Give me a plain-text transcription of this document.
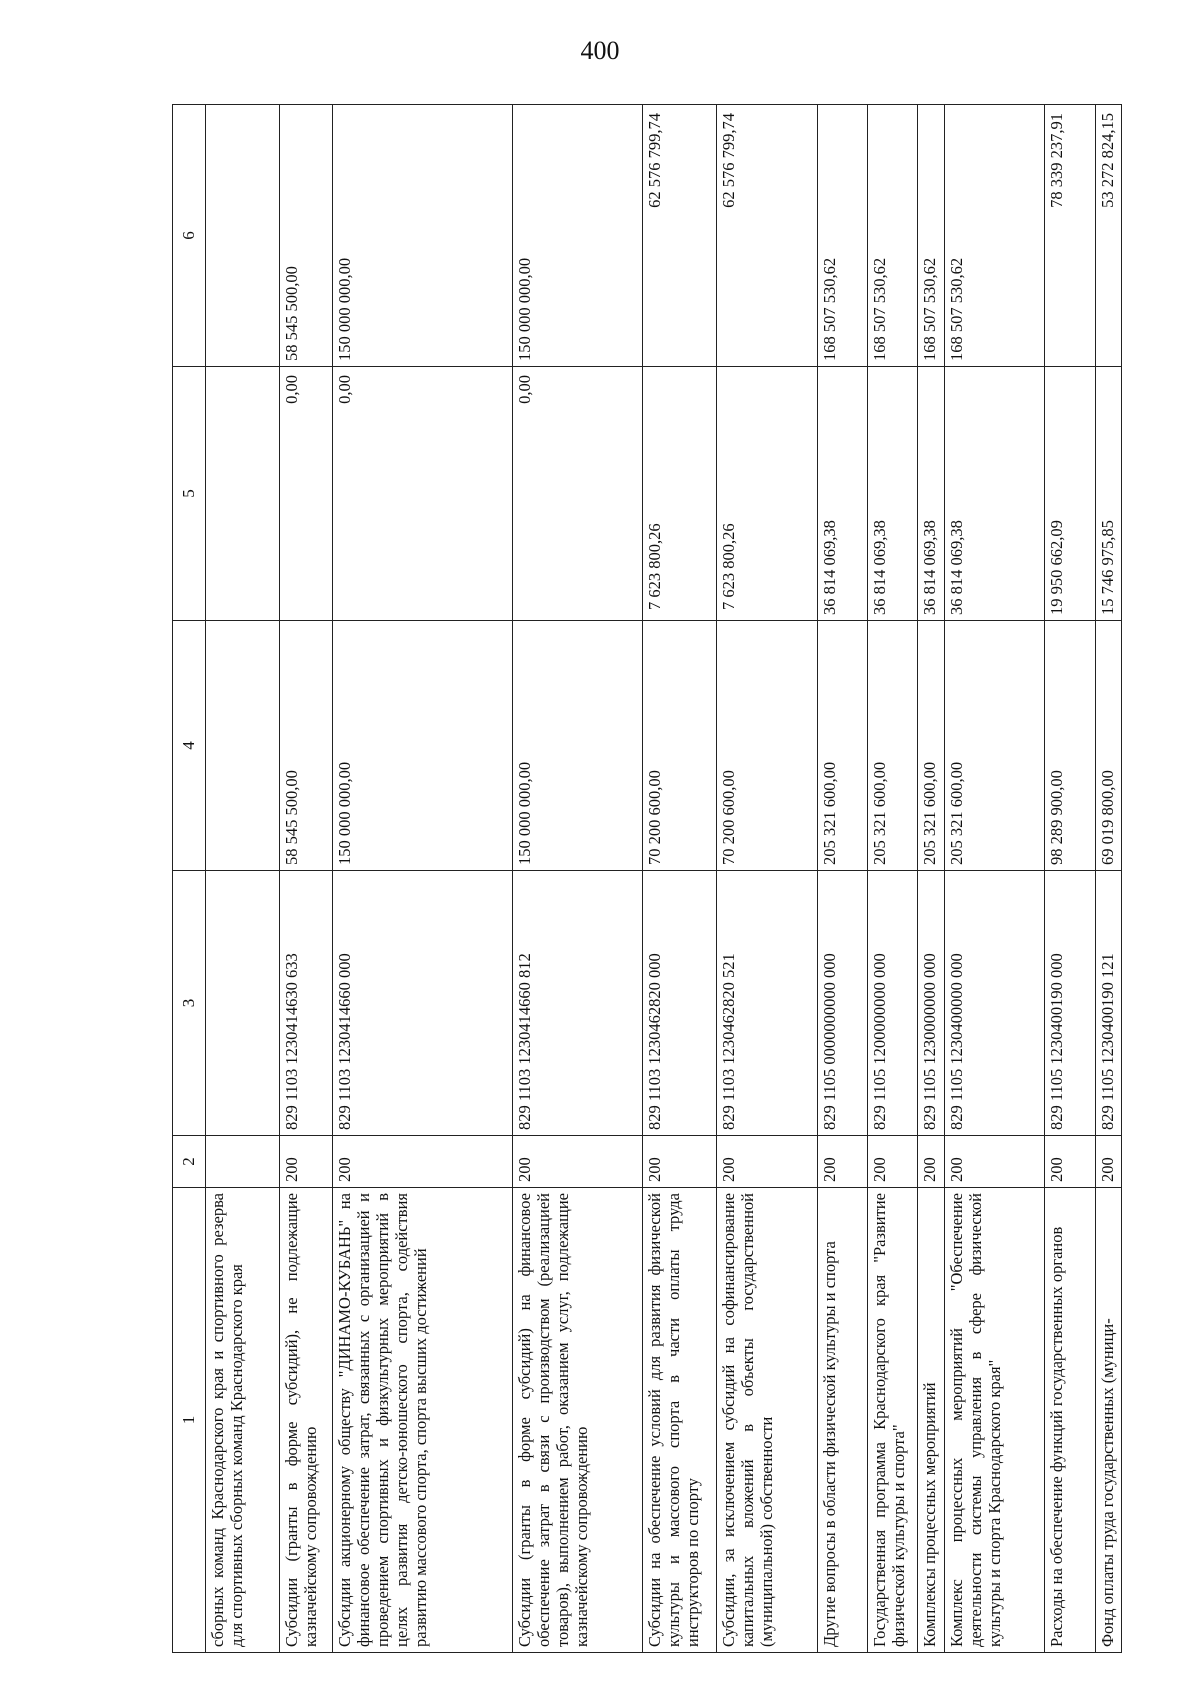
400
1	2	3	4	5	6
сборных команд Краснодарского края и спортивного резерва для спортивных сборных команд Краснодарского края					
Субсидии (гранты в форме субсидий), не подлежащие казначейскому сопровождению	200	829 1103 1230414630 633	58 545 500,00	0,00	58 545 500,00
Субсидии акционерному обществу "ДИНАМО-КУБАНЬ" на финансовое обеспечение затрат, связанных с организацией и проведением спортивных и физкультурных мероприятий в целях развития детско-юношеского спорта, содействия развитию массового спорта, спорта высших достижений	200	829 1103 1230414660 000	150 000 000,00	0,00	150 000 000,00
Субсидии (гранты в форме субсидий) на финансовое обеспечение затрат в связи с производством (реализацией товаров), выполнением работ, оказанием услуг, подлежащие казначейскому сопровождению	200	829 1103 1230414660 812	150 000 000,00	0,00	150 000 000,00
Субсидии на обеспечение условий для развития физической культуры и массового спорта в части оплаты труда инструкторов по спорту	200	829 1103 1230462820 000	70 200 600,00	7 623 800,26	62 576 799,74
Субсидии, за исключением субсидий на софинансирование капитальных вложений в объекты государственной (муниципальной) собственности	200	829 1103 1230462820 521	70 200 600,00	7 623 800,26	62 576 799,74
Другие вопросы в области физической культуры и спорта	200	829 1105 0000000000 000	205 321 600,00	36 814 069,38	168 507 530,62
Государственная программа Краснодарского края "Развитие физической культуры и спорта"	200	829 1105 1200000000 000	205 321 600,00	36 814 069,38	168 507 530,62
Комплексы процессных мероприятий	200	829 1105 1230000000 000	205 321 600,00	36 814 069,38	168 507 530,62
Комплекс процессных мероприятий "Обеспечение деятельности системы управления в сфере физической культуры и спорта Краснодарского края"	200	829 1105 1230400000 000	205 321 600,00	36 814 069,38	168 507 530,62
Расходы на обеспечение функций государственных органов	200	829 1105 1230400190 000	98 289 900,00	19 950 662,09	78 339 237,91
Фонд оплаты труда государственных (муници-	200	829 1105 1230400190 121	69 019 800,00	15 746 975,85	53 272 824,15
